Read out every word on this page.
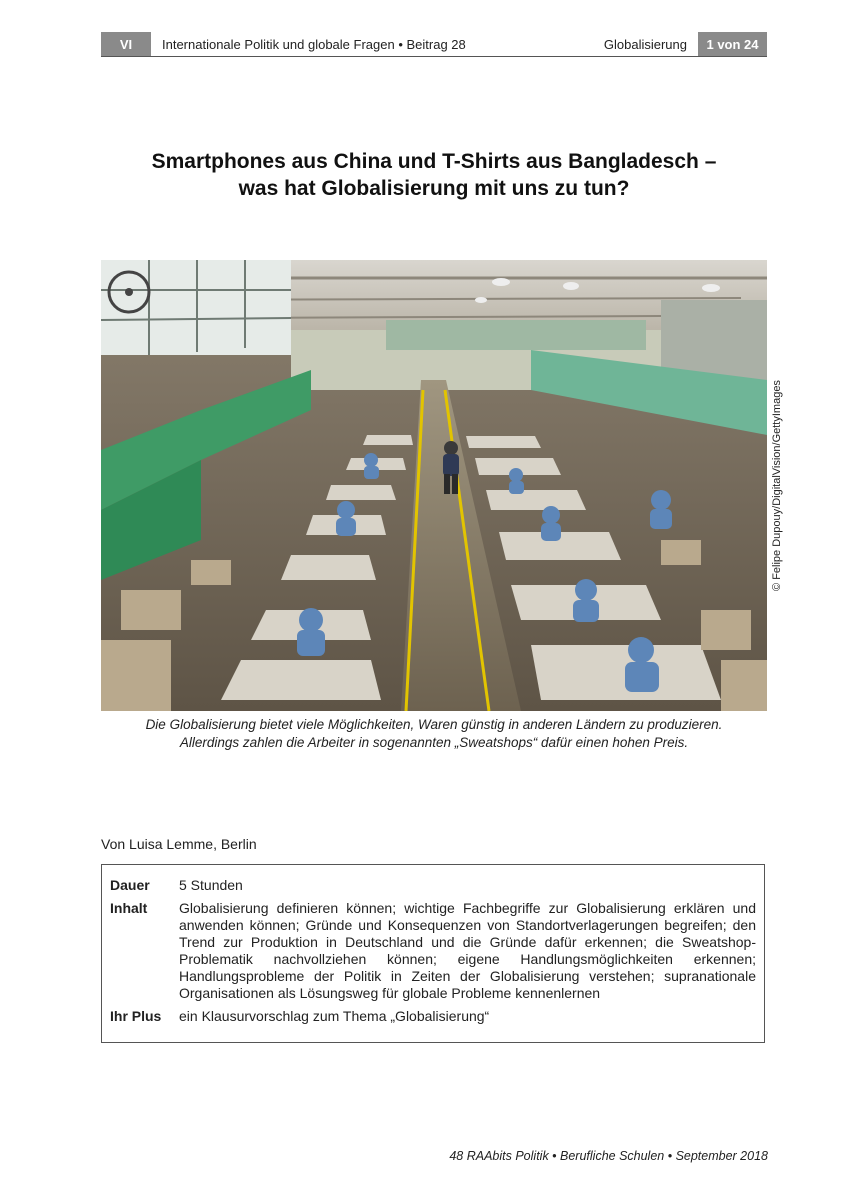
VI	Internationale Politik und globale Fragen • Beitrag 28	Globalisierung	1 von 24
Smartphones aus China und T-Shirts aus Bangladesch –
was hat Globalisierung mit uns zu tun?
© Felipe Dupouy/DigitalVision/GettyImages
Die Globalisierung bietet viele Möglichkeiten, Waren günstig in anderen Ländern zu produzieren.
Allerdings zahlen die Arbeiter in sogenannten „Sweatshops“ dafür einen hohen Preis.
Von Luisa Lemme, Berlin
Dauer	5 Stunden
Inhalt	Globalisierung definieren können; wichtige Fachbegriffe zur Globalisierung erklären und anwenden können; Gründe und Konsequenzen von Standortverlagerungen begreifen; den Trend zur Produktion in Deutschland und die Gründe dafür erkennen; die Sweatshop-Problematik nachvollziehen können; eigene Handlungsmöglichkeiten erkennen; Handlungsprobleme der Politik in Zeiten der Globalisierung verstehen; supranationale Organisationen als Lösungsweg für globale Probleme kennenlernen
Ihr Plus	ein Klausurvorschlag zum Thema „Globalisierung“
48 RAAbits Politik • Berufliche Schulen • September 2018
